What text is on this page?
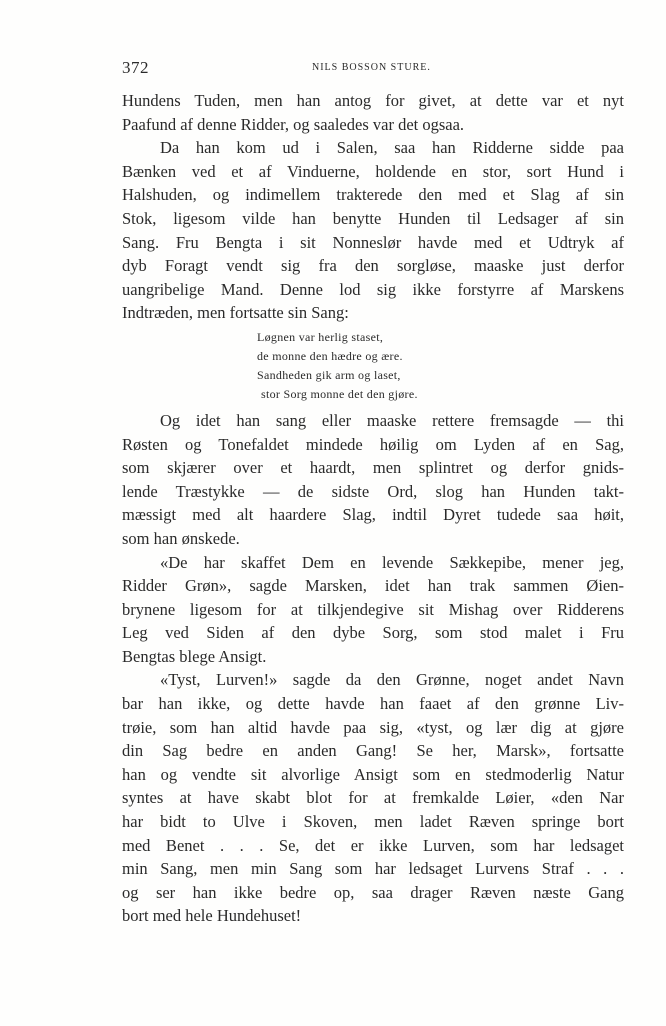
372	NILS BOSSON STURE.
Hundens Tuden, men han antog for givet, at dette var et nyt
Paafund af denne Ridder, og saaledes var det ogsaa.
Da han kom ud i Salen, saa han Ridderne sidde paa
Bænken ved et af Vinduerne, holdende en stor, sort Hund i
Halshuden, og indimellem trakterede den med et Slag af sin
Stok, ligesom vilde han benytte Hunden til Ledsager af sin
Sang. Fru Bengta i sit Nonneslør havde med et Udtryk af
dyb Foragt vendt sig fra den sorgløse, maaske just derfor
uangribelige Mand. Denne lod sig ikke forstyrre af Marskens
Indtræden, men fortsatte sin Sang:
Løgnen var herlig staset,
de monne den hædre og ære.
Sandheden gik arm og laset,
stor Sorg monne det den gjøre.
Og idet han sang eller maaske rettere fremsagde — thi
Røsten og Tonefaldet mindede høilig om Lyden af en Sag,
som skjærer over et haardt, men splintret og derfor gnids-
lende Træstykke — de sidste Ord, slog han Hunden takt-
mæssigt med alt haardere Slag, indtil Dyret tudede saa høit,
som han ønskede.
«De har skaffet Dem en levende Sækkepibe, mener jeg,
Ridder Grøn», sagde Marsken, idet han trak sammen Øien-
brynene ligesom for at tilkjendegive sit Mishag over Ridderens
Leg ved Siden af den dybe Sorg, som stod malet i Fru
Bengtas blege Ansigt.
«Tyst, Lurven!» sagde da den Grønne, noget andet Navn
bar han ikke, og dette havde han faaet af den grønne Liv-
trøie, som han altid havde paa sig, «tyst, og lær dig at gjøre
din Sag bedre en anden Gang! Se her, Marsk», fortsatte
han og vendte sit alvorlige Ansigt som en stedmoderlig Natur
syntes at have skabt blot for at fremkalde Løier, «den Nar
har bidt to Ulve i Skoven, men ladet Ræven springe bort
med Benet . . . Se, det er ikke Lurven, som har ledsaget
min Sang, men min Sang som har ledsaget Lurvens Straf . . .
og ser han ikke bedre op, saa drager Ræven næste Gang
bort med hele Hundehuset!
